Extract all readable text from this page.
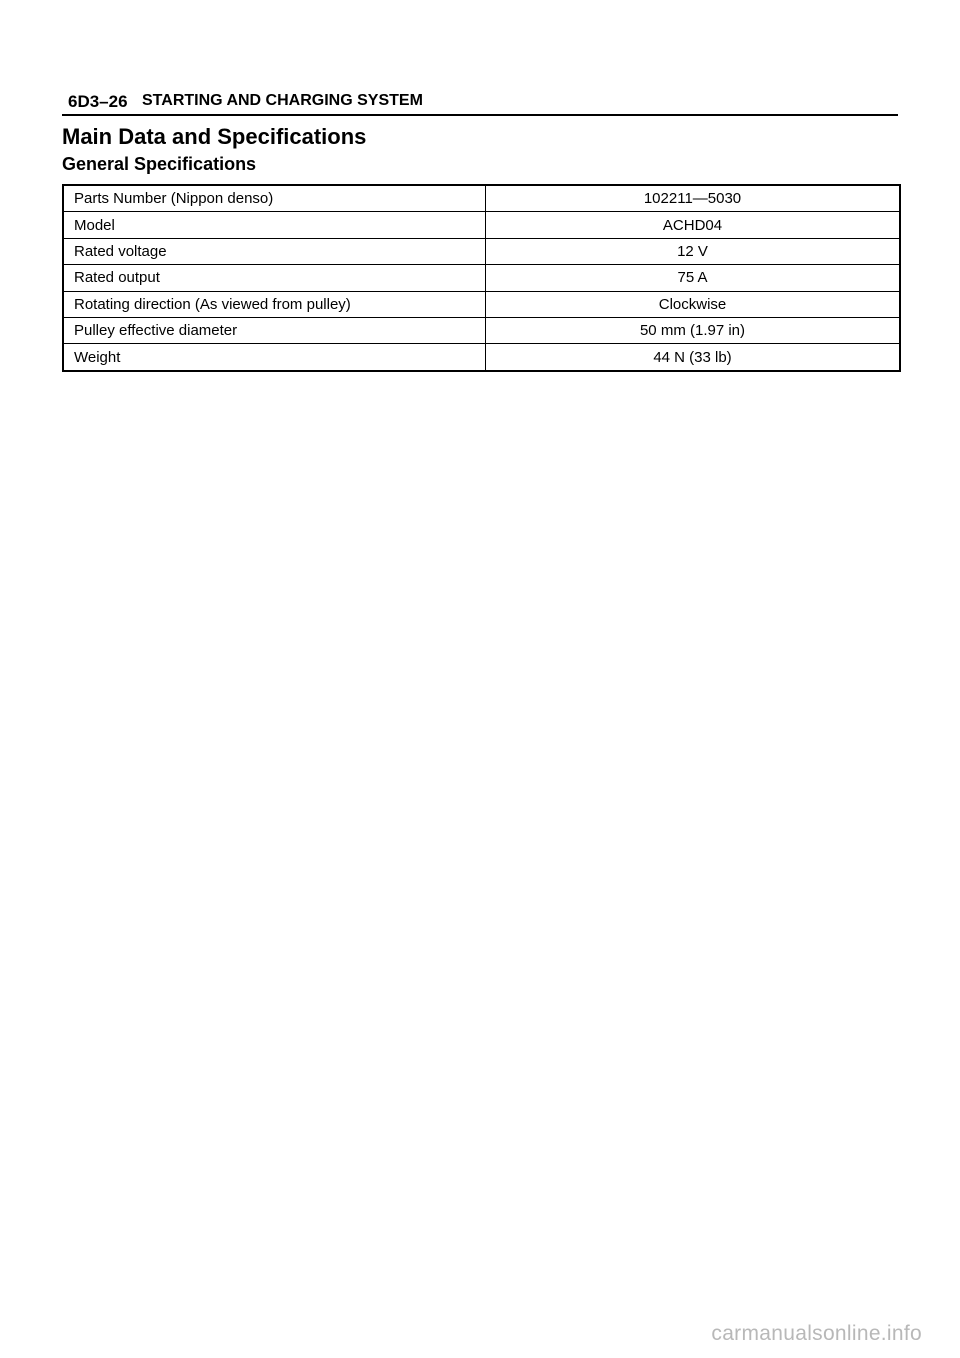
6D3–26 STARTING AND CHARGING SYSTEM
Main Data and Specifications
General Specifications
Parts Number (Nippon denso)	102211—5030
Model	ACHD04
Rated voltage	12 V
Rated output	75 A
Rotating direction (As viewed from pulley)	Clockwise
Pulley effective diameter	50 mm (1.97 in)
Weight	44 N (33 lb)
carmanualsonline.info
